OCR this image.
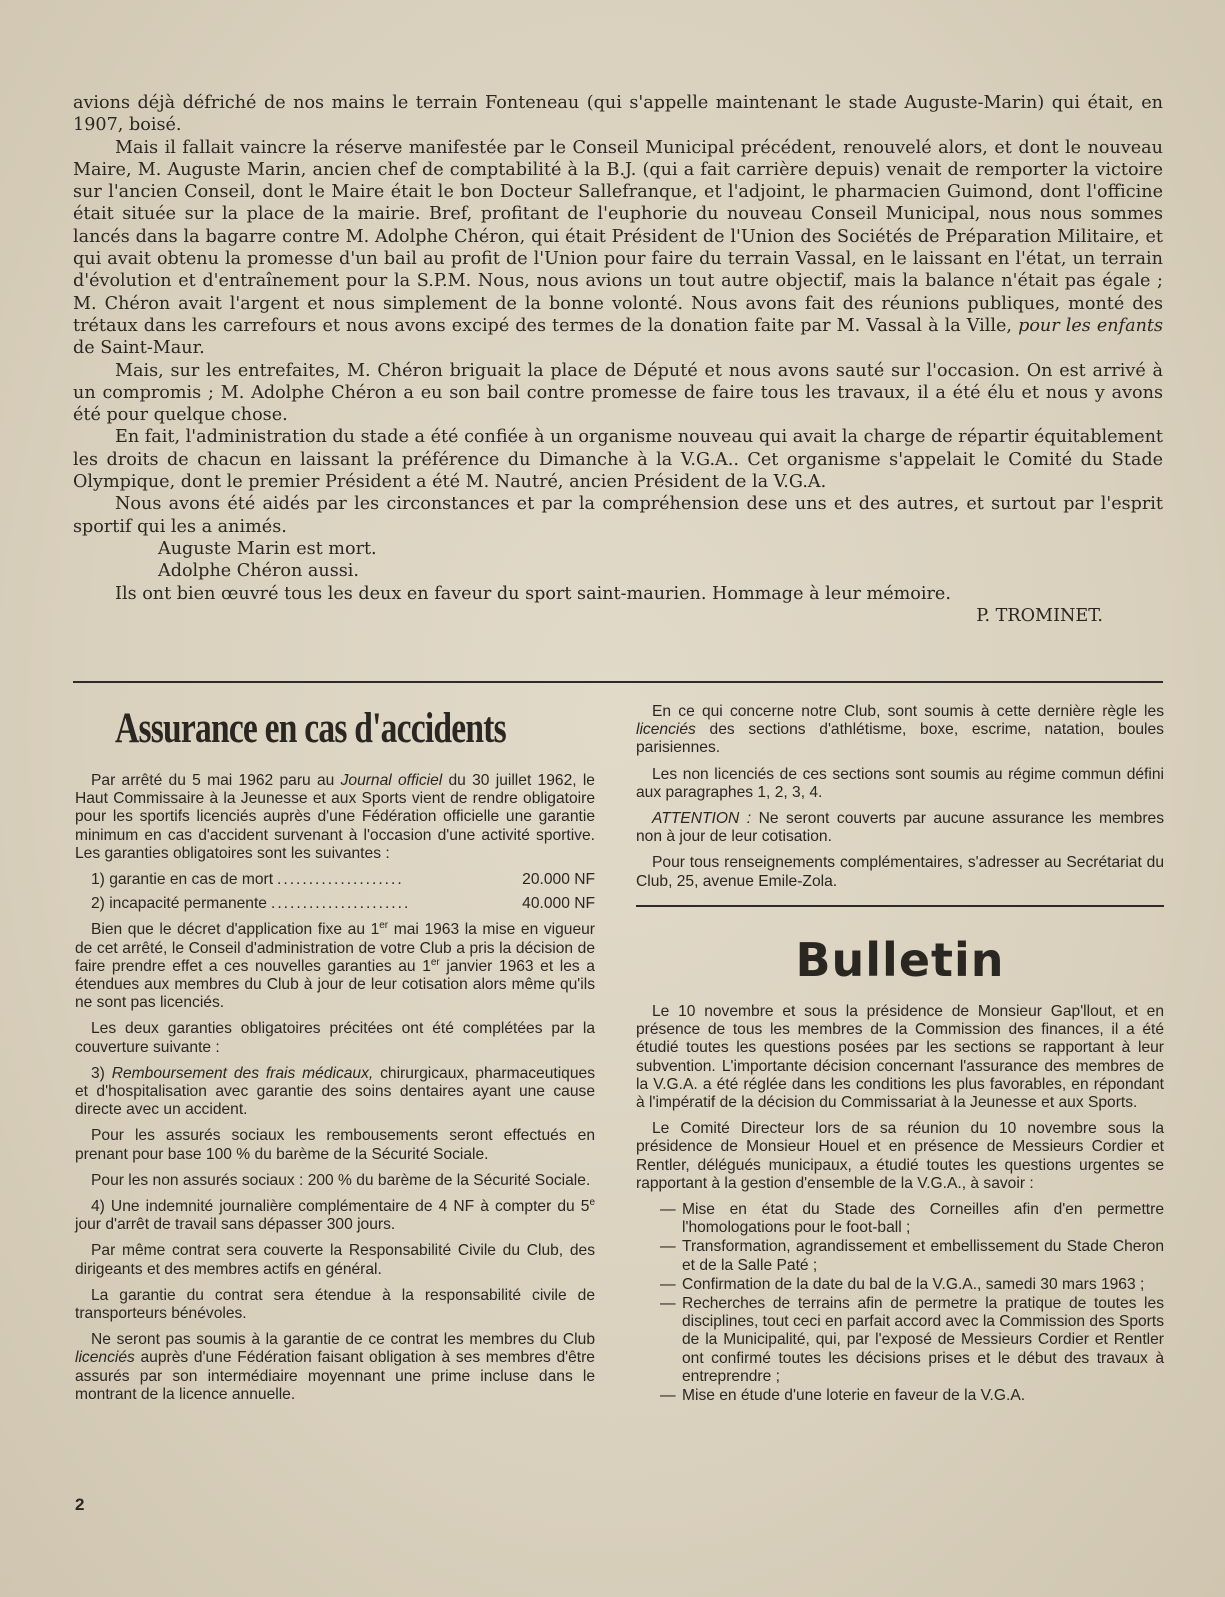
avions déjà défriché de nos mains le terrain Fonteneau (qui s'appelle maintenant le stade Auguste-Marin) qui était, en 1907, boisé.

Mais il fallait vaincre la réserve manifestée par le Conseil Municipal précédent, renouvelé alors, et dont le nouveau Maire, M. Auguste Marin, ancien chef de comptabilité à la B.J. (qui a fait carrière depuis) venait de remporter la victoire sur l'ancien Conseil, dont le Maire était le bon Docteur Sallefranque, et l'adjoint, le pharmacien Guimond, dont l'officine était située sur la place de la mairie. Bref, profitant de l'euphorie du nouveau Conseil Municipal, nous nous sommes lancés dans la bagarre contre M. Adolphe Chéron, qui était Président de l'Union des Sociétés de Préparation Militaire, et qui avait obtenu la promesse d'un bail au profit de l'Union pour faire du terrain Vassal, en le laissant en l'état, un terrain d'évolution et d'entraînement pour la S.P.M. Nous, nous avions un tout autre objectif, mais la balance n'était pas égale ; M. Chéron avait l'argent et nous simplement de la bonne volonté. Nous avons fait des réunions publiques, monté des trétaux dans les carrefours et nous avons excipé des termes de la donation faite par M. Vassal à la Ville, pour les enfants de Saint-Maur.

Mais, sur les entrefaites, M. Chéron briguait la place de Député et nous avons sauté sur l'occasion. On est arrivé à un compromis ; M. Adolphe Chéron a eu son bail contre promesse de faire tous les travaux, il a été élu et nous y avons été pour quelque chose.

En fait, l'administration du stade a été confiée à un organisme nouveau qui avait la charge de répartir équitablement les droits de chacun en laissant la préférence du Dimanche à la V.G.A.. Cet organisme s'appelait le Comité du Stade Olympique, dont le premier Président a été M. Nautré, ancien Président de la V.G.A.

Nous avons été aidés par les circonstances et par la compréhension dese uns et des autres, et surtout par l'esprit sportif qui les a animés.

Auguste Marin est mort.

Adolphe Chéron aussi.

Ils ont bien œuvré tous les deux en faveur du sport saint-maurien. Hommage à leur mémoire.

P. TROMINET.

Assurance en cas d'accidents

Par arrêté du 5 mai 1962 paru au Journal officiel du 30 juillet 1962, le Haut Commissaire à la Jeunesse et aux Sports vient de rendre obligatoire pour les sportifs licenciés auprès d'une Fédération officielle une garantie minimum en cas d'accident survenant à l'occasion d'une activité sportive. Les garanties obligatoires sont les suivantes :

1) garantie en cas de mort ....................	20.000 NF
2) incapacité permanente ......................	40.000 NF

Bien que le décret d'application fixe au 1er mai 1963 la mise en vigueur de cet arrêté, le Conseil d'administration de votre Club a pris la décision de faire prendre effet a ces nouvelles garanties au 1er janvier 1963 et les a étendues aux membres du Club à jour de leur cotisation alors même qu'ils ne sont pas licenciés.

Les deux garanties obligatoires précitées ont été complétées par la couverture suivante :

3) Remboursement des frais médicaux, chirurgicaux, pharmaceutiques et d'hospitalisation avec garantie des soins dentaires ayant une cause directe avec un accident.

Pour les assurés sociaux les rembousements seront effectués en prenant pour base 100 % du barème de la Sécurité Sociale.

Pour les non assurés sociaux : 200 % du barème de la Sécurité Sociale.

4) Une indemnité journalière complémentaire de 4 NF à compter du 5e jour d'arrêt de travail sans dépasser 300 jours.

Par même contrat sera couverte la Responsabilité Civile du Club, des dirigeants et des membres actifs en général.

La garantie du contrat sera étendue à la responsabilité civile de transporteurs bénévoles.

Ne seront pas soumis à la garantie de ce contrat les membres du Club licenciés auprès d'une Fédération faisant obligation à ses membres d'être assurés par son intermédiaire moyennant une prime incluse dans le montrant de la licence annuelle.

En ce qui concerne notre Club, sont soumis à cette dernière règle les licenciés des sections d'athlétisme, boxe, escrime, natation, boules parisiennes.

Les non licenciés de ces sections sont soumis au régime commun défini aux paragraphes 1, 2, 3, 4.

ATTENTION : Ne seront couverts par aucune assurance les membres non à jour de leur cotisation.

Pour tous renseignements complémentaires, s'adresser au Secrétariat du Club, 25, avenue Emile-Zola.

Bulletin

Le 10 novembre et sous la présidence de Monsieur Gap'llout, et en présence de tous les membres de la Commission des finances, il a été étudié toutes les questions posées par les sections se rapportant à leur subvention. L'importante décision concernant l'assurance des membres de la V.G.A. a été réglée dans les conditions les plus favorables, en répondant à l'impératif de la décision du Commissariat à la Jeunesse et aux Sports.

Le Comité Directeur lors de sa réunion du 10 novembre sous la présidence de Monsieur Houel et en présence de Messieurs Cordier et Rentler, délégués municipaux, a étudié toutes les questions urgentes se rapportant à la gestion d'ensemble de la V.G.A., à savoir :

— Mise en état du Stade des Corneilles afin d'en permettre l'homologations pour le foot-ball ;
— Transformation, agrandissement et embellissement du Stade Cheron et de la Salle Paté ;
— Confirmation de la date du bal de la V.G.A., samedi 30 mars 1963 ;
— Recherches de terrains afin de permetre la pratique de toutes les disciplines, tout ceci en parfait accord avec la Commission des Sports de la Municipalité, qui, par l'exposé de Messieurs Cordier et Rentler ont confirmé toutes les décisions prises et le début des travaux à entreprendre ;
— Mise en étude d'une loterie en faveur de la V.G.A.
2
